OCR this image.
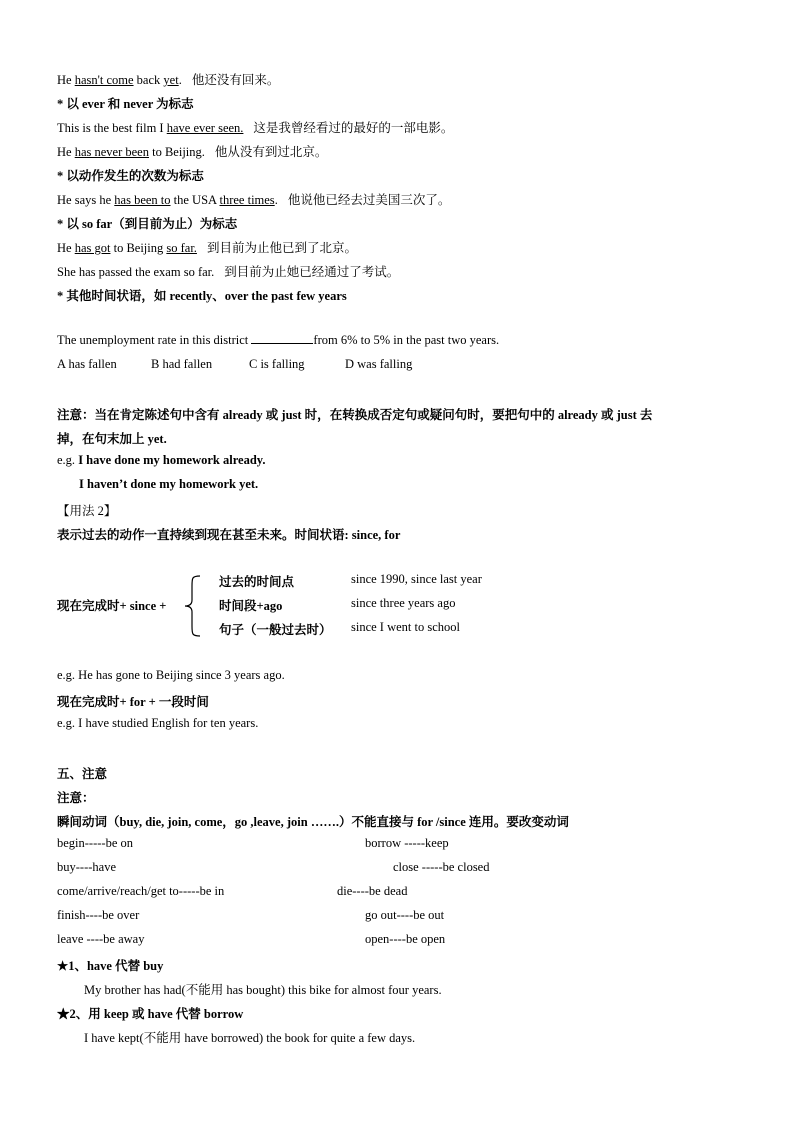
He hasn't come back yet. 他还没有回来。
* 以 ever 和 never 为标志
This is the best film I have ever seen. 这是我曾经看过的最好的一部电影。
He has never been to Beijing. 他从没有到过北京。
* 以动作发生的次数为标志
He says he has been to the USA three times. 他说他已经去过美国三次了。
* 以 so far（到目前为止）为标志
He has got to Beijing so far. 到目前为止他已到了北京。
She has passed the exam so far. 到目前为止她已经通过了考试。
* 其他时间状语，如 recently、over the past few years
The unemployment rate in this district	from 6% to 5% in the past two years.
A has fallen	B had fallen	C is falling	D was falling
注意：当在肯定陈述句中含有 already 或 just 时，在转换成否定句或疑问句时，要把句中的 already 或 just 去
掉，在句末加上 yet.
e.g. I have done my homework already.
I haven’t done my homework yet.
【用法 2】
表示过去的动作一直持续到现在甚至未来。时间状语: since, for
现在完成时+ since +
过去的时间点	since 1990, since last year
时间段+ago	since three years ago
句子（一般过去时） since I went to school
e.g. He has gone to Beijing since 3 years ago.
现在完成时+ for + 一段时间
e.g. I have studied English for ten years.
五、注意
注意：
瞬间动词（buy, die, join, come，go ,leave, join …….）不能直接与 for /since 连用。要改变动词
begin-----be on	borrow -----keep
buy----have	close -----be closed
come/arrive/reach/get to-----be in	die----be dead
finish----be over	go out----be out
leave ----be away	open----be open
★1、have 代替 buy
My brother has had(不能用 has bought) this bike for almost four years.
★2、用 keep 或 have 代替 borrow
I have kept(不能用 have borrowed) the book for quite a few days.
